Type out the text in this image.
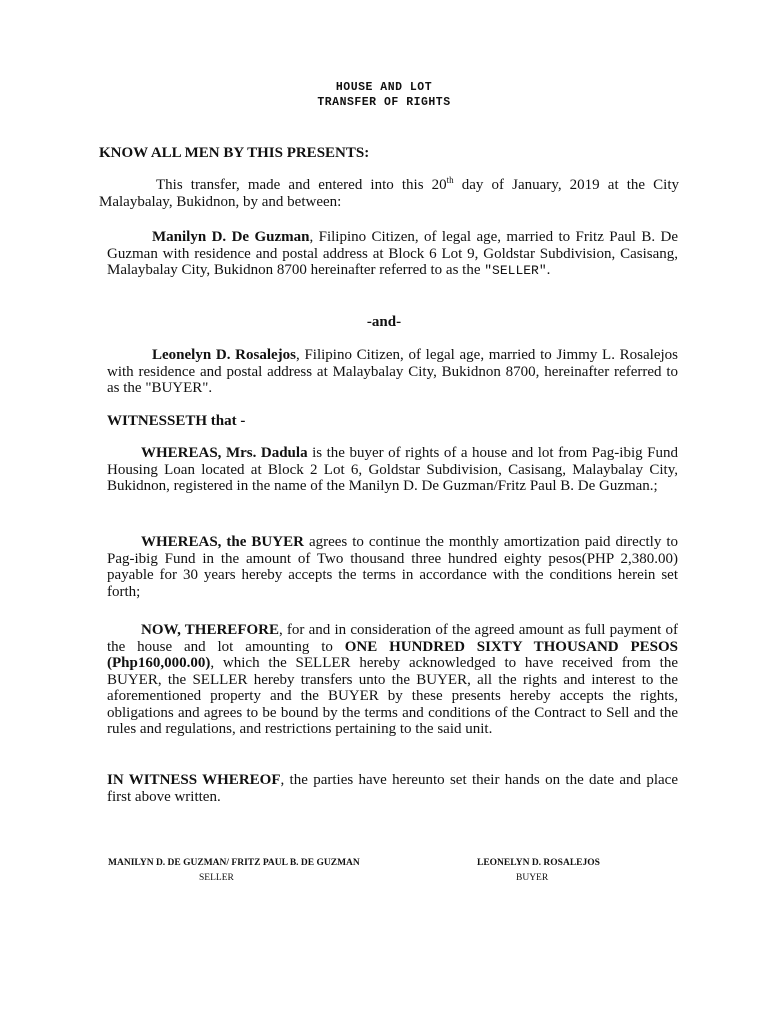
HOUSE AND LOT
TRANSFER OF RIGHTS
KNOW ALL MEN BY THIS PRESENTS:

This transfer, made and entered into this 20th day of January, 2019 at the City Malaybalay, Bukidnon, by and between:

Manilyn D. De Guzman, Filipino Citizen, of legal age, married to Fritz Paul B. De Guzman with residence and postal address at Block 6 Lot 9, Goldstar Subdivision, Casisang, Malaybalay City, Bukidnon 8700 hereinafter referred to as the "SELLER".

-and-

Leonelyn D. Rosalejos, Filipino Citizen, of legal age, married to Jimmy L. Rosalejos with residence and postal address at Malaybalay City, Bukidnon 8700, hereinafter referred to as the "BUYER".

WITNESSETH that -

WHEREAS, Mrs. Dadula is the buyer of rights of a house and lot from Pag-ibig Fund Housing Loan located at Block 2 Lot 6, Goldstar Subdivision, Casisang, Malaybalay City, Bukidnon, registered in the name of the Manilyn D. De Guzman/Fritz Paul B. De Guzman.;

WHEREAS, the BUYER agrees to continue the monthly amortization paid directly to Pag-ibig Fund in the amount of Two thousand three hundred eighty pesos(PHP 2,380.00) payable for 30 years hereby accepts the terms in accordance with the conditions herein set forth;

NOW, THEREFORE, for and in consideration of the agreed amount as full payment of the house and lot amounting to ONE HUNDRED SIXTY THOUSAND PESOS (Php160,000.00), which the SELLER hereby acknowledged to have received from the BUYER, the SELLER hereby transfers unto the BUYER, all the rights and interest to the aforementioned property and the BUYER by these presents hereby accepts the rights, obligations and agrees to be bound by the terms and conditions of the Contract to Sell and the rules and regulations, and restrictions pertaining to the said unit.

IN WITNESS WHEREOF, the parties have hereunto set their hands on the date and place first above written.

MANILYN D. DE GUZMAN/ FRITZ PAUL B. DE GUZMAN	LEONELYN D. ROSALEJOS
SELLER	BUYER
